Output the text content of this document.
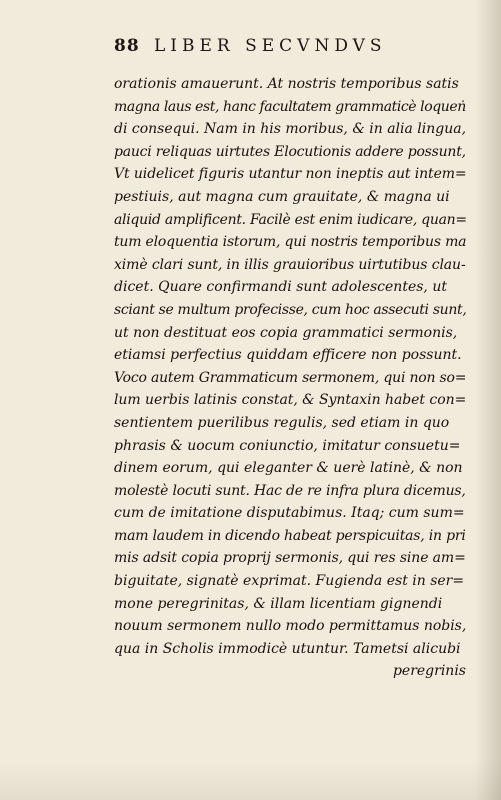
88 LIBER SECVNDVS
orationis amauerunt. At nostris temporibus satis
magna laus est, hanc facultatem grammaticè loqueṅ
di consequi. Nam in his moribus, & in alia lingua,
pauci reliquas uirtutes Elocutionis addere possunt,
Vt uidelicet figuris utantur non ineptis aut intem=
pestiuis, aut magna cum grauitate, & magna ui
aliquid amplificent. Facilè est enim iudicare, quan=
tum eloquentia istorum, qui nostris temporibus ma
ximè clari sunt, in illis grauioribus uirtutibus clau-
dicet. Quare confirmandi sunt adolescentes, ut
sciant se multum profecisse, cum hoc assecuti sunt,
ut non destituat eos copia grammatici sermonis,
etiamsi perfectius quiddam efficere non possunt.
Voco autem Grammaticum sermonem, qui non so=
lum uerbis latinis constat, & Syntaxin habet con=
sentientem puerilibus regulis, sed etiam in quo
phrasis & uocum coniunctio, imitatur consuetu=
dinem eorum, qui eleganter & uerè latinè, & non
molestè locuti sunt. Hac de re infra plura dicemus,
cum de imitatione disputabimus. Itaq; cum sum=
mam laudem in dicendo habeat perspicuitas, in pri
mis adsit copia proprij sermonis, qui res sine am=
biguitate, signatè exprimat. Fugienda est in ser=
mone peregrinitas, & illam licentiam gignendi
nouum sermonem nullo modo permittamus nobis,
qua in Scholis immodicè utuntur. Tametsi alicubi
peregrinis
